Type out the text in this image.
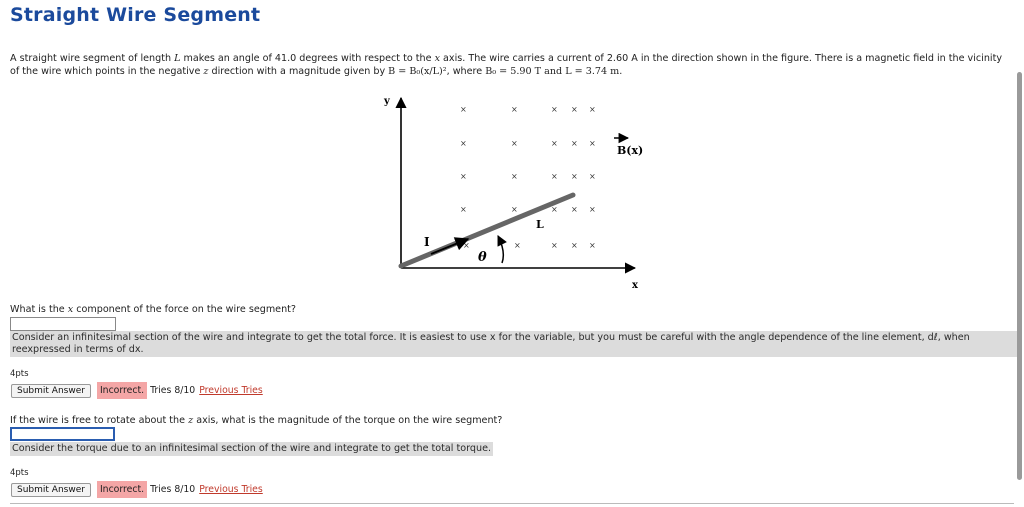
Straight Wire Segment
A straight wire segment of length L makes an angle of 41.0 degrees with respect to the x axis. The wire carries a current of 2.60 A in the direction shown in the figure. There is a magnetic field in the vicinity of the wire which points in the negative z direction with a magnitude given by B = B₀(x/L)², where B₀ = 5.90 T and L = 3.74 m.
×	×	× × ×
×	×	× × ×
×	×	× × ×
×	×	× × ×
×	×	× × ×
y
x
I
θ
L
B(x)
What is the x component of the force on the wire segment?
Consider an infinitesimal section of the wire and integrate to get the total force. It is easiest to use x for the variable, but you must be careful with the angle dependence of the line element, dℓ, when reexpressed in terms of dx.
4pts
Submit Answer	Incorrect. Tries 8/10 Previous Tries
If the wire is free to rotate about the z axis, what is the magnitude of the torque on the wire segment?
Consider the torque due to an infinitesimal section of the wire and integrate to get the total torque.
4pts
Submit Answer	Incorrect. Tries 8/10 Previous Tries
